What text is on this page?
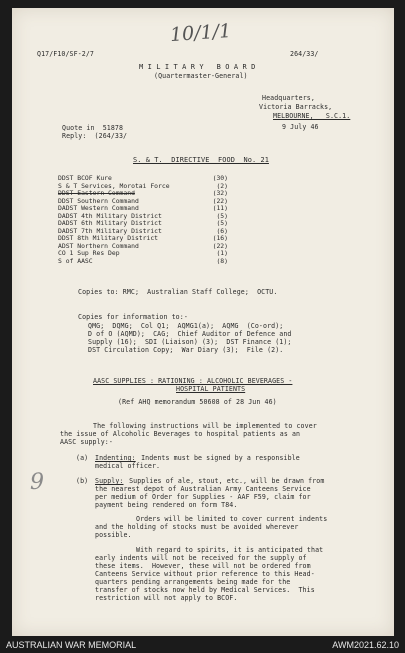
10/1/1
9
Q17/F10/SF-2/7	264/33/
M I L I T A R Y   B O A R D
(Quartermaster-General)
Headquarters,
Victoria Barracks,
MELBOURNE,   S.C.1.
9 July 46
Quote in  51878
Reply:  (264/33/
S. & T.  DIRECTIVE  FOOD  No. 21
DDST BCOF Kure	(30)
S & T Services, Morotai Force	(2)
DDST Eastern Command	(32)
DDST Southern Command	(22)
DADST Western Command	(11)
DADST 4th Military District	(5)
DADST 6th Military District	(5)
DADST 7th Military District	(6)
DDST 8th Military District	(16)
ADST Northern Command	(22)
CO 1 Sup Res Dep	(1)
S of AASC	(8)
Copies to: RMC;  Australian Staff College;  OCTU.
Copies for information to:-
QMG;  DQMG;  Col Q1;  AQMG1(a);  AQMG  (Co-ord);
D of O (AQMD);  CAG;  Chief Auditor of Defence and
Supply (16);  SDI (Liaison) (3);  DST Finance (1);
DST Circulation Copy;  War Diary (3);  File (2).
AASC SUPPLIES : RATIONING : ALCOHOLIC BEVERAGES -
HOSPITAL PATIENTS
(Ref AHQ memorandum 50608 of 28 Jun 46)
The following instructions will be implemented to cover
the issue of Alcoholic Beverages to hospital patients as an
AASC supply:-
(a) Indenting: Indents must be signed by a responsible
medical officer.
(b) Supply: Supplies of ale, stout, etc., will be drawn from
the nearest depot of Australian Army Canteens Service
per medium of Order for Supplies - AAF F59, claim for
payment being rendered on form T84.
Orders will be limited to cover current indents
and the holding of stocks must be avoided wherever
possible.
With regard to spirits, it is anticipated that
early indents will not be received for the supply of
these items.  However, these will not be ordered from
Canteens Service without prior reference to this Head-
quarters pending arrangements being made for the
transfer of stocks now held by Medical Services.  This
restriction will not apply to BCOF.
AUSTRALIAN WAR MEMORIAL	AWM2021.62.10
